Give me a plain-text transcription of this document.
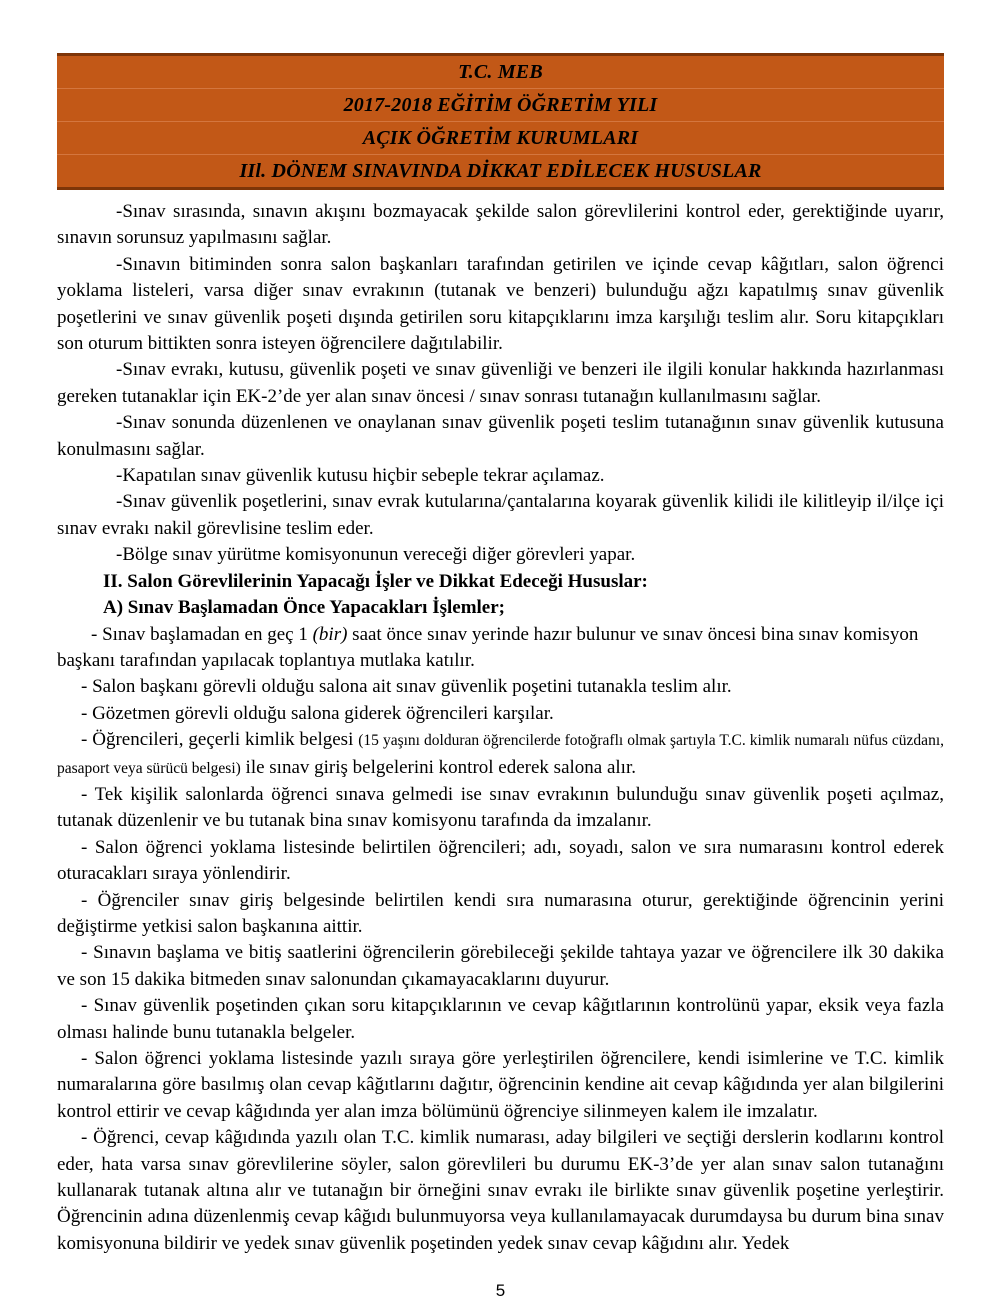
T.C. MEB
2017-2018 EĞİTİM ÖĞRETİM YILI
AÇIK ÖĞRETİM KURUMLARI
IIl. DÖNEM SINAVINDA DİKKAT EDİLECEK HUSUSLAR

-Sınav sırasında, sınavın akışını bozmayacak şekilde salon görevlilerini kontrol eder, gerektiğinde uyarır, sınavın sorunsuz yapılmasını sağlar.

-Sınavın bitiminden sonra salon başkanları tarafından getirilen ve içinde cevap kâğıtları, salon öğrenci yoklama listeleri, varsa diğer sınav evrakının (tutanak ve benzeri) bulunduğu ağzı kapatılmış sınav güvenlik poşetlerini ve sınav güvenlik poşeti dışında getirilen soru kitapçıklarını imza karşılığı teslim alır. Soru kitapçıkları son oturum bittikten sonra isteyen öğrencilere dağıtılabilir.

-Sınav evrakı, kutusu, güvenlik poşeti ve sınav güvenliği ve benzeri ile ilgili konular hakkında hazırlanması gereken tutanaklar için EK-2’de yer alan sınav öncesi / sınav sonrası tutanağın kullanılmasını sağlar.

-Sınav sonunda düzenlenen ve onaylanan sınav güvenlik poşeti teslim tutanağının sınav güvenlik kutusuna konulmasını sağlar.

-Kapatılan sınav güvenlik kutusu hiçbir sebeple tekrar açılamaz.

-Sınav güvenlik poşetlerini, sınav evrak kutularına/çantalarına koyarak güvenlik kilidi ile kilitleyip il/ilçe içi sınav evrakı nakil görevlisine teslim eder.

-Bölge sınav yürütme komisyonunun vereceği diğer görevleri yapar.

II. Salon Görevlilerinin Yapacağı İşler ve Dikkat Edeceği Hususlar:

A) Sınav Başlamadan Önce Yapacakları İşlemler;

- Sınav başlamadan en geç 1 (bir) saat önce sınav yerinde hazır bulunur ve sınav öncesi bina sınav komisyon başkanı tarafından yapılacak toplantıya mutlaka katılır.

- Salon başkanı görevli olduğu salona ait sınav güvenlik poşetini tutanakla teslim alır.

- Gözetmen görevli olduğu salona giderek öğrencileri karşılar.

- Öğrencileri, geçerli kimlik belgesi (15 yaşını dolduran öğrencilerde fotoğraflı olmak şartıyla T.C. kimlik numaralı nüfus cüzdanı, pasaport veya sürücü belgesi) ile sınav giriş belgelerini kontrol ederek salona alır.

- Tek kişilik salonlarda öğrenci sınava gelmedi ise sınav evrakının bulunduğu sınav güvenlik poşeti açılmaz, tutanak düzenlenir ve bu tutanak bina sınav komisyonu tarafında da imzalanır.

- Salon öğrenci yoklama listesinde belirtilen öğrencileri; adı, soyadı, salon ve sıra numarasını kontrol ederek oturacakları sıraya yönlendirir.

- Öğrenciler sınav giriş belgesinde belirtilen kendi sıra numarasına oturur, gerektiğinde öğrencinin yerini değiştirme yetkisi salon başkanına aittir.

- Sınavın başlama ve bitiş saatlerini öğrencilerin görebileceği şekilde tahtaya yazar ve öğrencilere ilk 30 dakika ve son 15 dakika bitmeden sınav salonundan çıkamayacaklarını duyurur.

- Sınav güvenlik poşetinden çıkan soru kitapçıklarının ve cevap kâğıtlarının kontrolünü yapar, eksik veya fazla olması halinde bunu tutanakla belgeler.

- Salon öğrenci yoklama listesinde yazılı sıraya göre yerleştirilen öğrencilere, kendi isimlerine ve T.C. kimlik numaralarına göre basılmış olan cevap kâğıtlarını dağıtır, öğrencinin kendine ait cevap kâğıdında yer alan bilgilerini kontrol ettirir ve cevap kâğıdında yer alan imza bölümünü öğrenciye silinmeyen kalem ile imzalatır.

- Öğrenci, cevap kâğıdında yazılı olan T.C. kimlik numarası, aday bilgileri ve seçtiği derslerin kodlarını kontrol eder, hata varsa sınav görevlilerine söyler, salon görevlileri bu durumu EK-3’de yer alan sınav salon tutanağını kullanarak tutanak altına alır ve tutanağın bir örneğini sınav evrakı ile birlikte sınav güvenlik poşetine yerleştirir. Öğrencinin adına düzenlenmiş cevap kâğıdı bulunmuyorsa veya kullanılamayacak durumdaysa bu durum bina sınav komisyonuna bildirir ve yedek sınav güvenlik poşetinden yedek sınav cevap kâğıdını alır. Yedek

5
